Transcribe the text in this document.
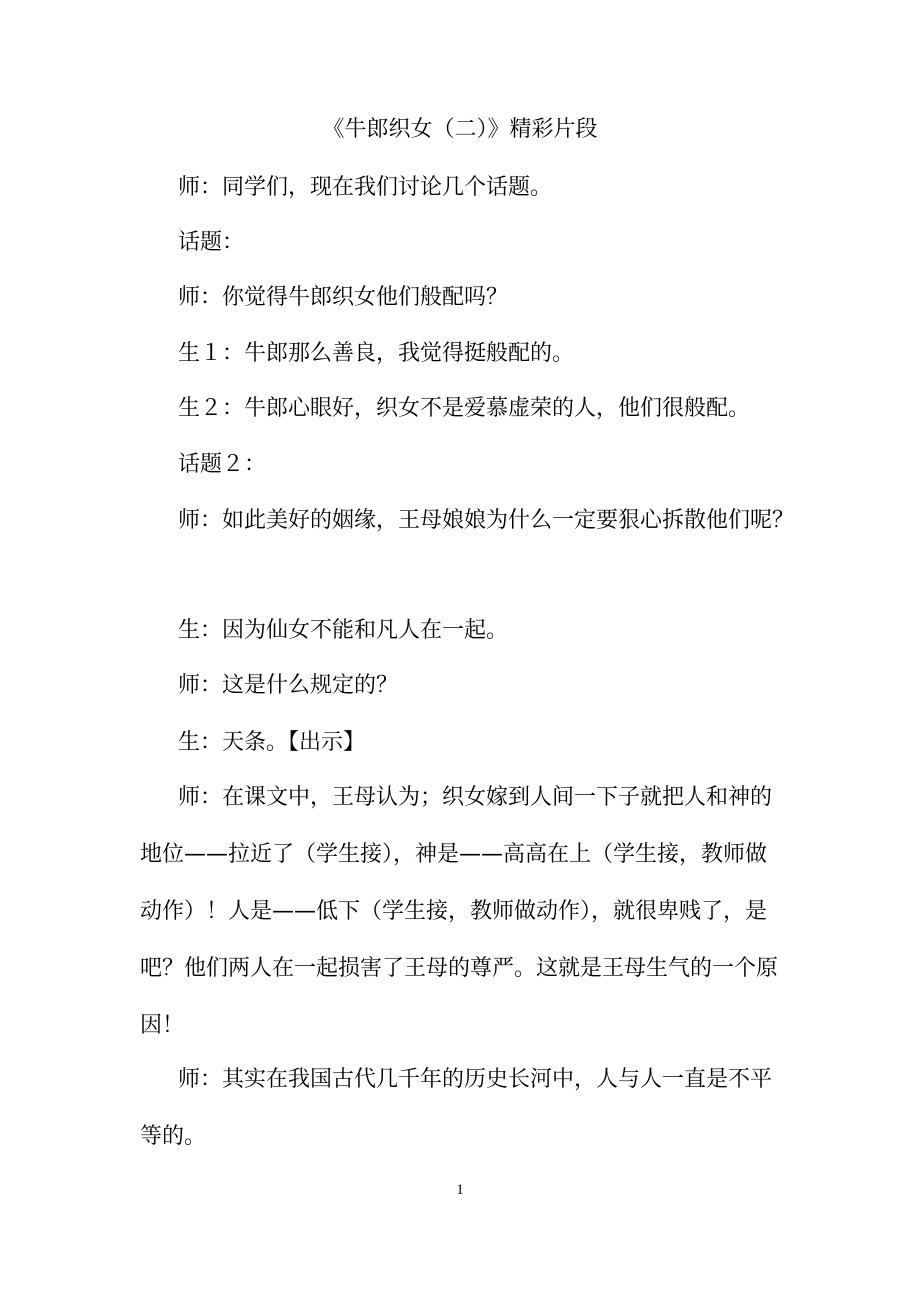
《牛郎织女（二）》精彩片段
师：同学们，现在我们讨论几个话题。
话题：
师：你觉得牛郎织女他们般配吗？
生１：牛郎那么善良，我觉得挺般配的。
生２：牛郎心眼好，织女不是爱慕虚荣的人，他们很般配。
话题２：
师：如此美好的姻缘，王母娘娘为什么一定要狠心拆散他们呢？
生：因为仙女不能和凡人在一起。
师：这是什么规定的？
生：天条。【出示】

师：在课文中，王母认为；织女嫁到人间一下子就把人和神的地位——拉近了（学生接），神是——高高在上（学生接，教师做动作）！人是——低下（学生接，教师做动作），就很卑贱了，是吧？他们两人在一起损害了王母的尊严。这就是王母生气的一个原因！

师：其实在我国古代几千年的历史长河中，人与人一直是不平等的。

1
